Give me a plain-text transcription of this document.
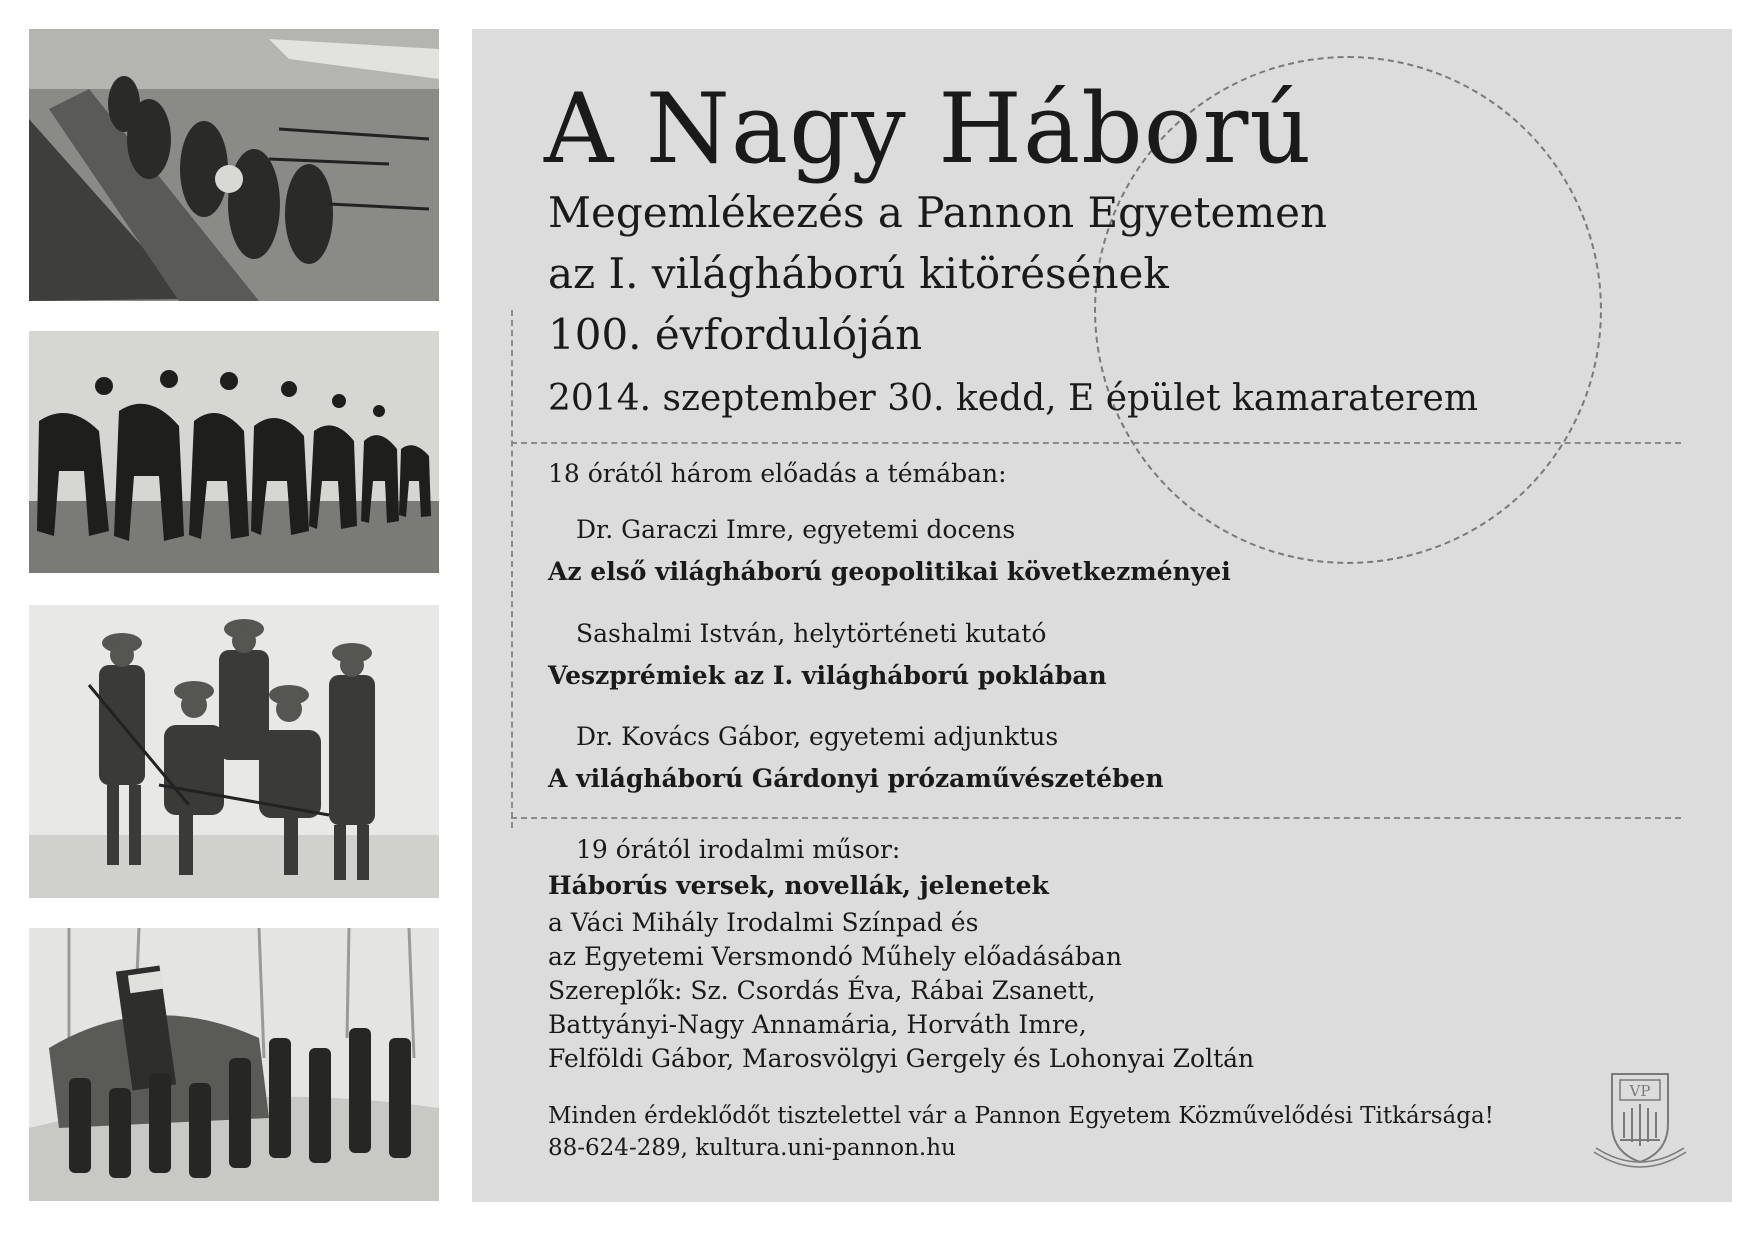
A Nagy Háború
Megemlékezés a Pannon Egyetemen
az I. világháború kitörésének
100. évfordulóján
2014. szeptember 30. kedd, E épület kamaraterem
18 órától három előadás a témában:
Dr. Garaczi Imre, egyetemi docens
Az első világháború geopolitikai következményei
Sashalmi István, helytörténeti kutató
Veszprémiek az I. világháború poklában
Dr. Kovács Gábor, egyetemi adjunktus
A világháború Gárdonyi prózaművészetében
19 órától irodalmi műsor:
Háborús versek, novellák, jelenetek
a Váci Mihály Irodalmi Színpad és
az Egyetemi Versmondó Műhely előadásában
Szereplők: Sz. Csordás Éva, Rábai Zsanett,
Battyányi-Nagy Annamária, Horváth Imre,
Felföldi Gábor, Marosvölgyi Gergely és Lohonyai Zoltán
Minden érdeklődőt tisztelettel vár a Pannon Egyetem Közművelődési Titkársága!
88-624-289, kultura.uni-pannon.hu
VP
